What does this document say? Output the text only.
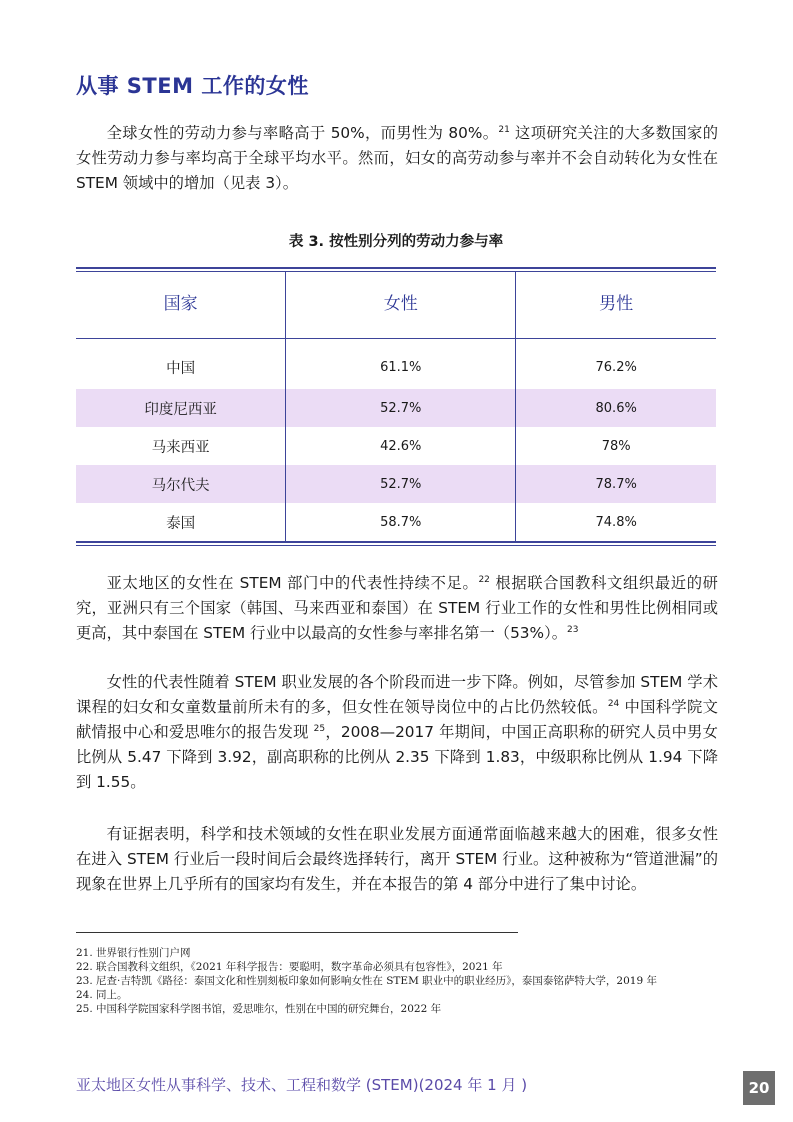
从事 STEM 工作的女性

全球女性的劳动力参与率略高于 50%，而男性为 80%。$^{21}$ 这项研究关注的大多数国家的女性劳动力参与率均高于全球平均水平。然而，妇女的高劳动参与率并不会自动转化为女性在 STEM 领域中的增加（见表 3）。

表 3. 按性别分列的劳动力参与率
国家	女性	男性
中国	61.1%	76.2%
印度尼西亚	52.7%	80.6%
马来西亚	42.6%	78%
马尔代夫	52.7%	78.7%
泰国	58.7%	74.8%

亚太地区的女性在 STEM 部门中的代表性持续不足。$^{22}$ 根据联合国教科文组织最近的研究，亚洲只有三个国家（韩国、马来西亚和泰国）在 STEM 行业工作的女性和男性比例相同或更高，其中泰国在 STEM 行业中以最高的女性参与率排名第一（53%）。$^{23}$

女性的代表性随着 STEM 职业发展的各个阶段而进一步下降。例如，尽管参加 STEM 学术课程的妇女和女童数量前所未有的多，但女性在领导岗位中的占比仍然较低。$^{24}$ 中国科学院文献情报中心和爱思唯尔的报告发现 $^{25}$，2008—2017 年期间，中国正高职称的研究人员中男女比例从 5.47 下降到 3.92，副高职称的比例从 2.35 下降到 1.83，中级职称比例从 1.94 下降到 1.55。

有证据表明，科学和技术领域的女性在职业发展方面通常面临越来越大的困难，很多女性在进入 STEM 行业后一段时间后会最终选择转行，离开 STEM 行业。这种被称为“管道泄漏”的现象在世界上几乎所有的国家均有发生，并在本报告的第 4 部分中进行了集中讨论。

21. 世界银行性别门户网
22. 联合国教科文组织，《2021 年科学报告：要聪明，数字革命必须具有包容性》，2021 年
23. 尼查·吉特凯《路径：泰国文化和性别刻板印象如何影响女性在 STEM 职业中的职业经历》，泰国泰铭萨特大学，2019 年
24. 同上。
25. 中国科学院国家科学图书馆，爱思唯尔，性别在中国的研究舞台，2022 年
亚太地区女性从事科学、技术、工程和数学 (STEM)(2024 年 1 月 )	20
